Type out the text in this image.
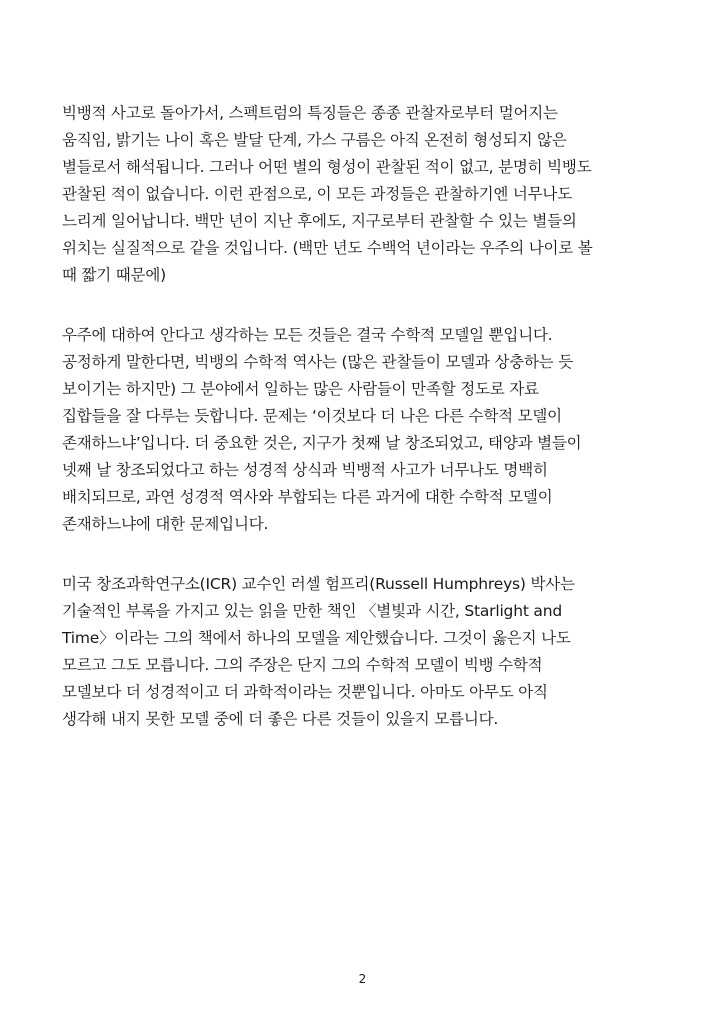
빅뱅적 사고로 돌아가서, 스펙트럼의 특징들은 종종 관찰자로부터 멀어지는
움직임, 밝기는 나이 혹은 발달 단계, 가스 구름은 아직 온전히 형성되지 않은
별들로서 해석됩니다. 그러나 어떤 별의 형성이 관찰된 적이 없고, 분명히 빅뱅도
관찰된 적이 없습니다. 이런 관점으로, 이 모든 과정들은 관찰하기엔 너무나도
느리게 일어납니다. 백만 년이 지난 후에도, 지구로부터 관찰할 수 있는 별들의
위치는 실질적으로 같을 것입니다. (백만 년도 수백억 년이라는 우주의 나이로 볼
때 짧기 때문에)

우주에 대하여 안다고 생각하는 모든 것들은 결국 수학적 모델일 뿐입니다.
공정하게 말한다면, 빅뱅의 수학적 역사는 (많은 관찰들이 모델과 상충하는 듯
보이기는 하지만) 그 분야에서 일하는 많은 사람들이 만족할 정도로 자료
집합들을 잘 다루는 듯합니다. 문제는 ‘이것보다 더 나은 다른 수학적 모델이
존재하느냐’입니다. 더 중요한 것은, 지구가 첫째 날 창조되었고, 태양과 별들이
넷째 날 창조되었다고 하는 성경적 상식과 빅뱅적 사고가 너무나도 명백히
배치되므로, 과연 성경적 역사와 부합되는 다른 과거에 대한 수학적 모델이
존재하느냐에 대한 문제입니다.

미국 창조과학연구소(ICR) 교수인 러셀 험프리(Russell Humphreys) 박사는
기술적인 부록을 가지고 있는 읽을 만한 책인 〈별빛과 시간, Starlight and
Time〉이라는 그의 책에서 하나의 모델을 제안했습니다. 그것이 옳은지 나도
모르고 그도 모릅니다. 그의 주장은 단지 그의 수학적 모델이 빅뱅 수학적
모델보다 더 성경적이고 더 과학적이라는 것뿐입니다. 아마도 아무도 아직
생각해 내지 못한 모델 중에 더 좋은 다른 것들이 있을지 모릅니다.

2
